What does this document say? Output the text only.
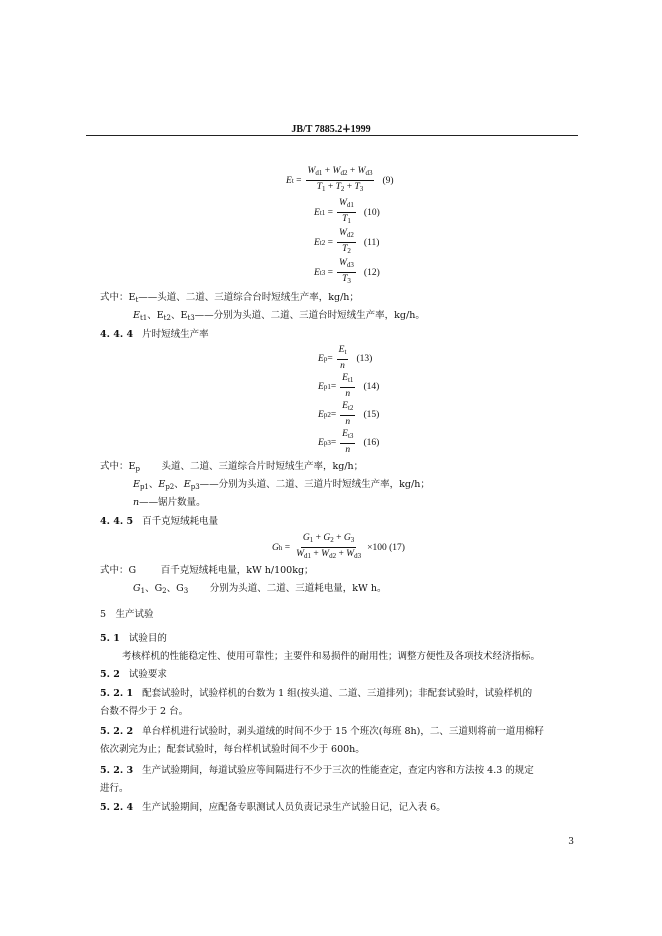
JB/T 7885.2∔1999
E $t = \frac{W_{d1} + W_{d2} + W_{d3}}{T_1 + T_2 + T_3} (9)$
E $t1 = \frac{W_{d1}}{T_1} (10)$
E $t2 = \frac{W_{d2}}{T_2} (11)$
E $t3 = \frac{W_{d3}}{T_3} (12)$
式中：$E_t——$头道、二道、三道综合台时短绒生产率，kg/h；
$E_{t1}$、$E_{t2}$、$E_{t3}——$分别为头道、二道、三道台时短绒生产率，kg/h。
4. 4. 4 片时短绒生产率
E $p = \frac{E_t}{n} (13)$
E $p1 = \frac{E_{t1}}{n} (14)$
E $p2 = \frac{E_{t2}}{n} (15)$
E $p3 = \frac{E_{t3}}{n} (16)$
式中：$E_p$    　头道、二道、三道综合片时短绒生产率，kg/h；
$E_{p1}$、$E_{p2}$、$E_{p3}——$分别为头道、二道、三道片时短绒生产率，kg/h；
n——锯片数量。
4. 4. 5 百千克短绒耗电量
G $h = \frac{G_1 + G_2 + G_3}{W_{d1} + W_{d2} + W_{d3}} \times 100$
(17)
式中：G     　百千克短绒耗电量，kW h/100kg；
$G_1$、$G_2$、$G_3$    　分别为头道、二道、三道耗电量，kW h。
5　生产试验
5. 1 试验目的
考核样机的性能稳定性、使用可靠性；主要件和易损件的耐用性；调整方便性及各项技术经济指标。
5. 2 试验要求
5. 2. 1 配套试验时，试验样机的台数为 1 组(按头道、二道、三道排列)；非配套试验时，试验样机的
台数不得少于 2 台。
5. 2. 2 单台样机进行试验时，剥头道绒的时间不少于 15 个班次(每班 8h)，二、三道则将前一道用棉籽
依次剥完为止；配套试验时，每台样机试验时间不少于 600h。
5. 2. 3 生产试验期间，每道试验应等间隔进行不少于三次的性能查定，查定内容和方法按 4.3 的规定
进行。
5. 2. 4 生产试验期间，应配备专职测试人员负责记录生产试验日记，记入表 6。
3
